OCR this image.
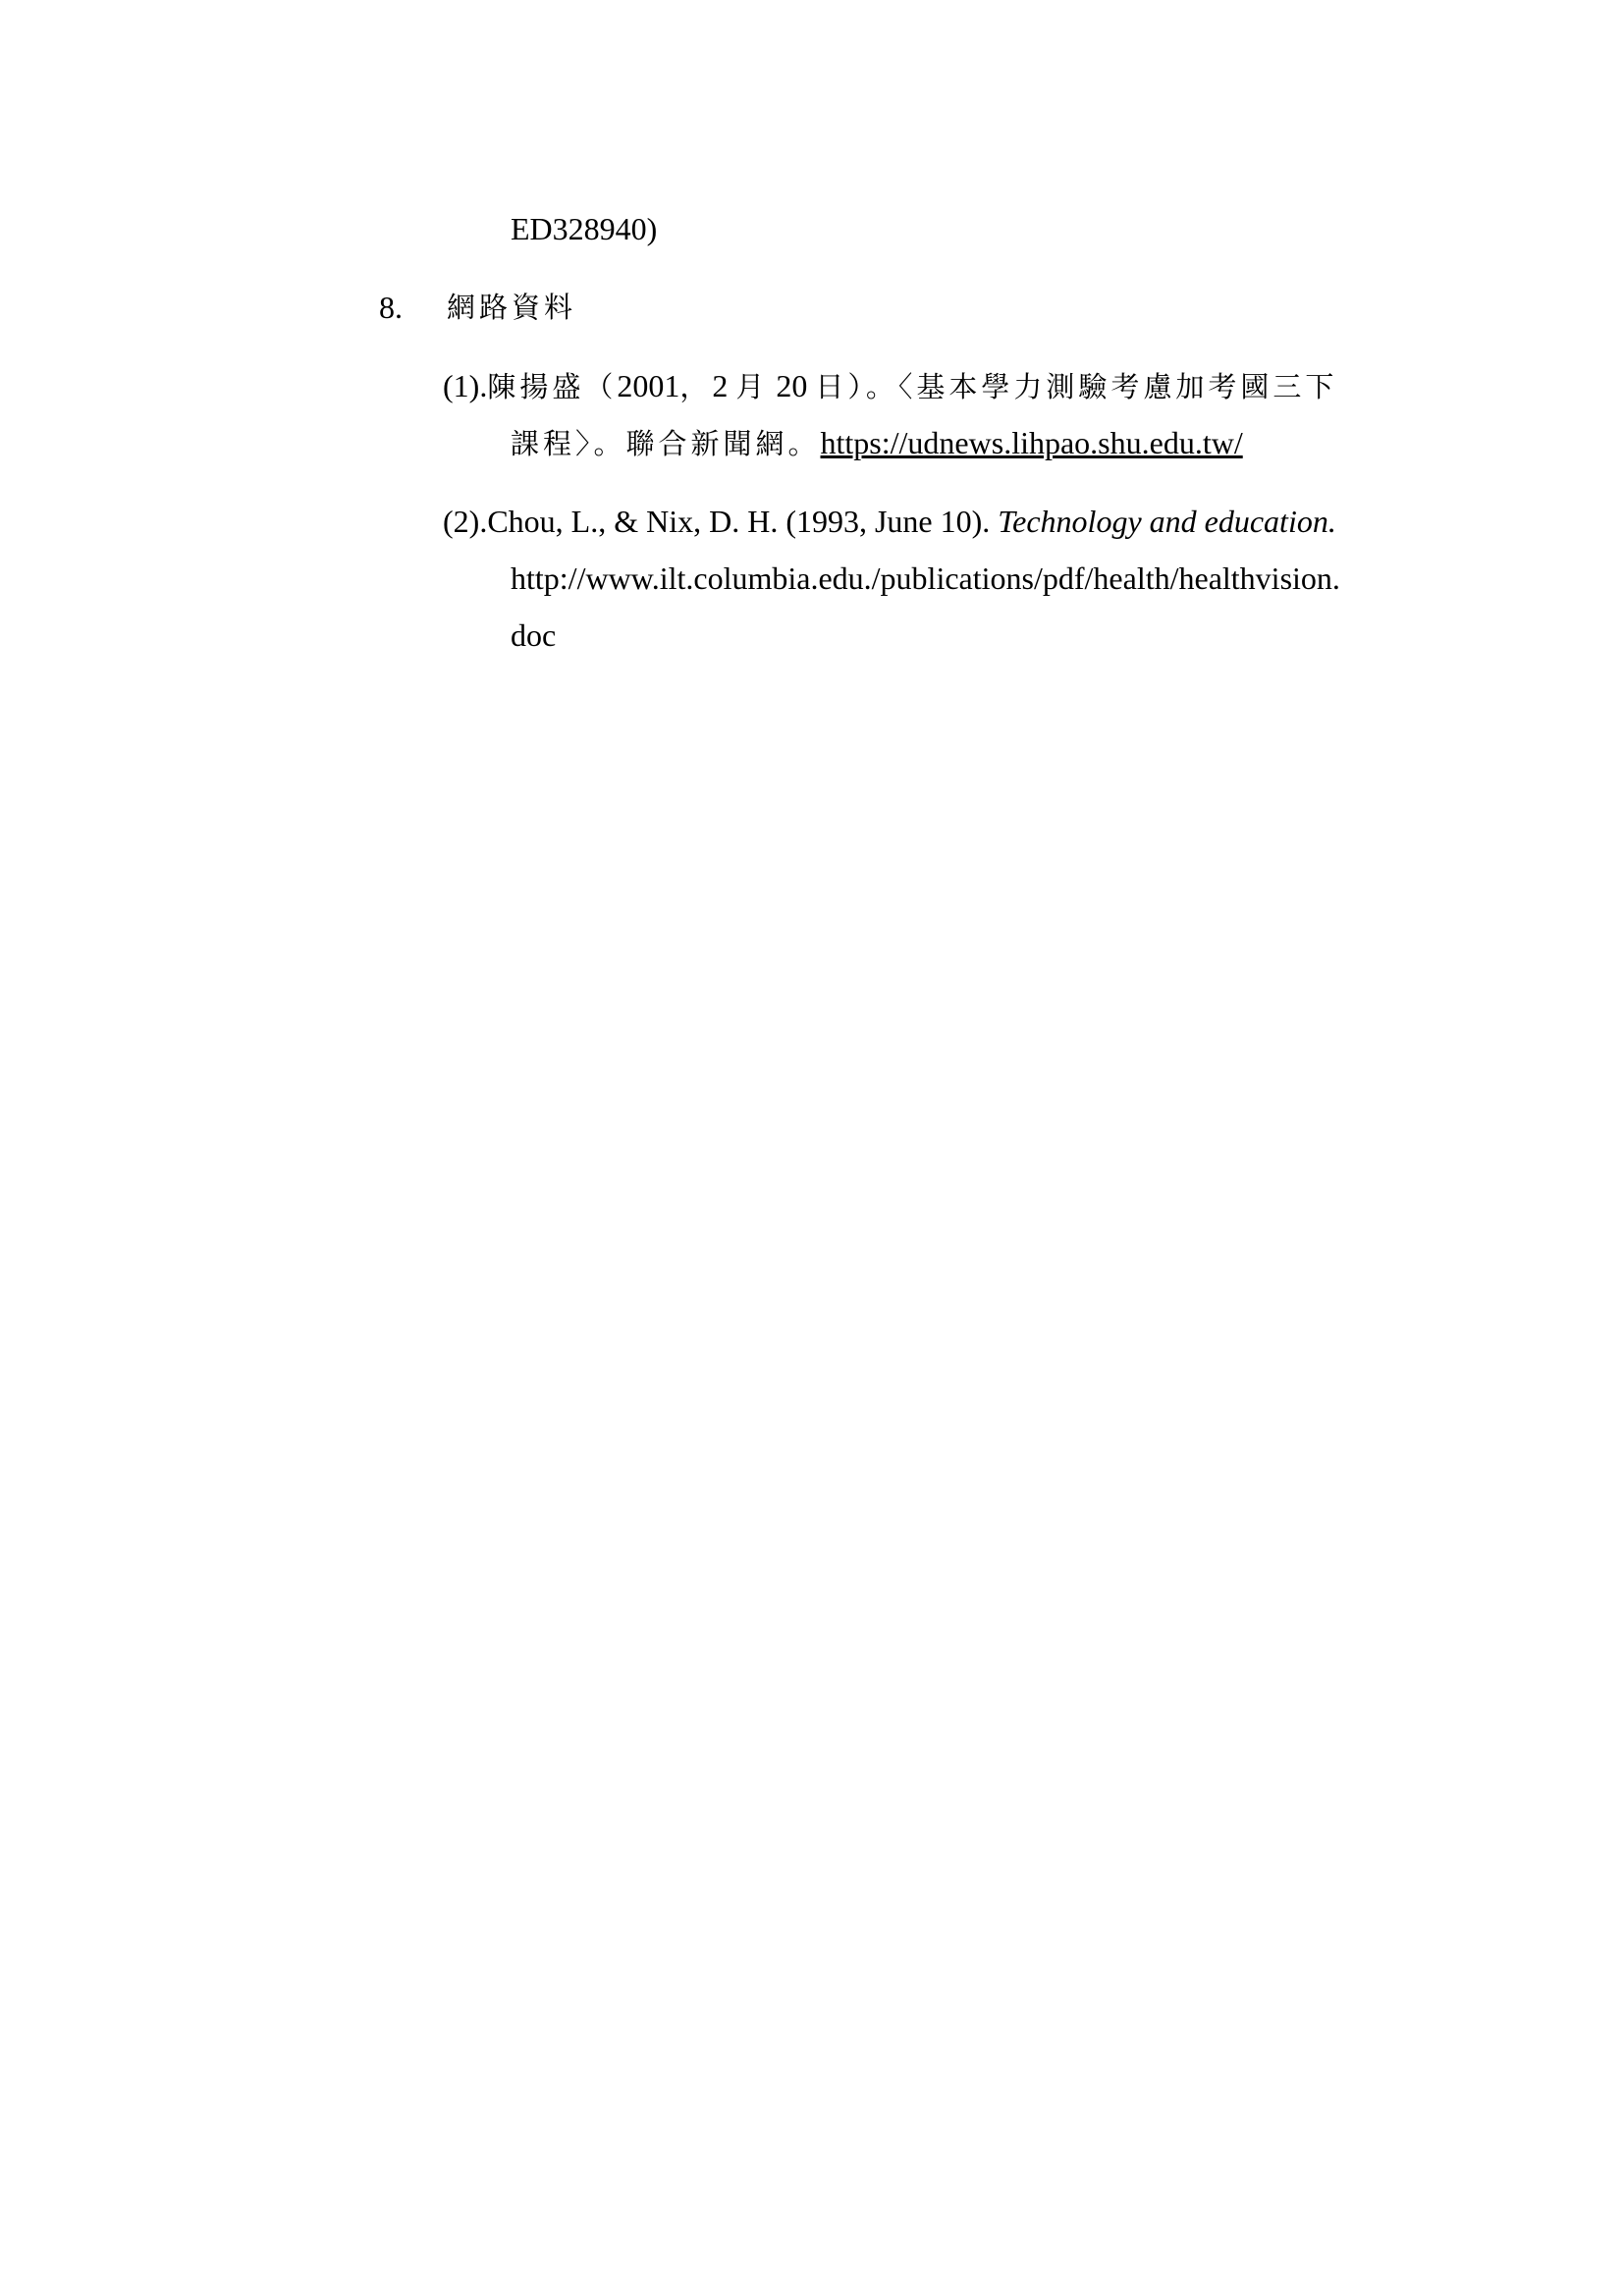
ED328940)
8. 網路資料
(1).陳揚盛（2001，2 月 20 日）。〈基本學力測驗考慮加考國三下
課程〉。聯合新聞網。https://udnews.lihpao.shu.edu.tw/
(2).Chou, L., & Nix, D. H. (1993, June 10). Technology and education.
http://www.ilt.columbia.edu./publications/pdf/health/healthvision.
doc
